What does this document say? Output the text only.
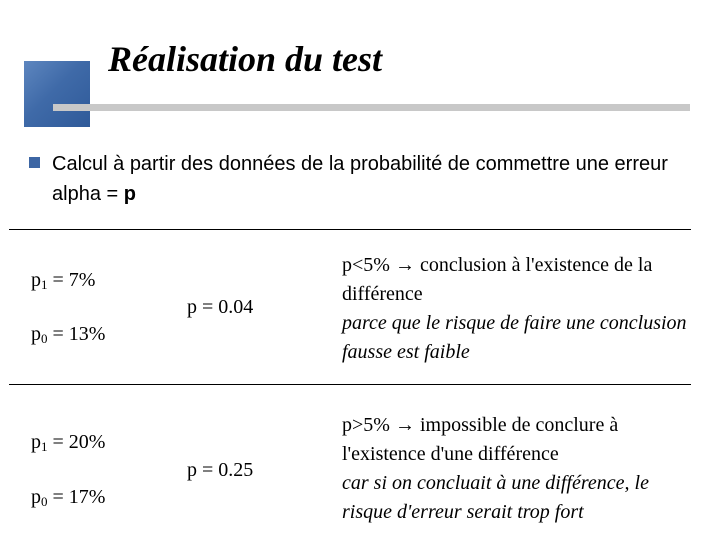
Réalisation du test
Calcul à partir des données de la probabilité de commettre une erreur alpha = p
$p_1 = 7\%$
$p_0 = 13\%$
p = 0.04
p<5% → conclusion à l'existence de la différence
parce que le risque de faire une conclusion fausse est faible
$p_1 = 20\%$
$p_0 = 17\%$
p = 0.25
p>5% → impossible de conclure à l'existence d'une différence
car si on concluait à une différence, le risque d'erreur serait trop fort
